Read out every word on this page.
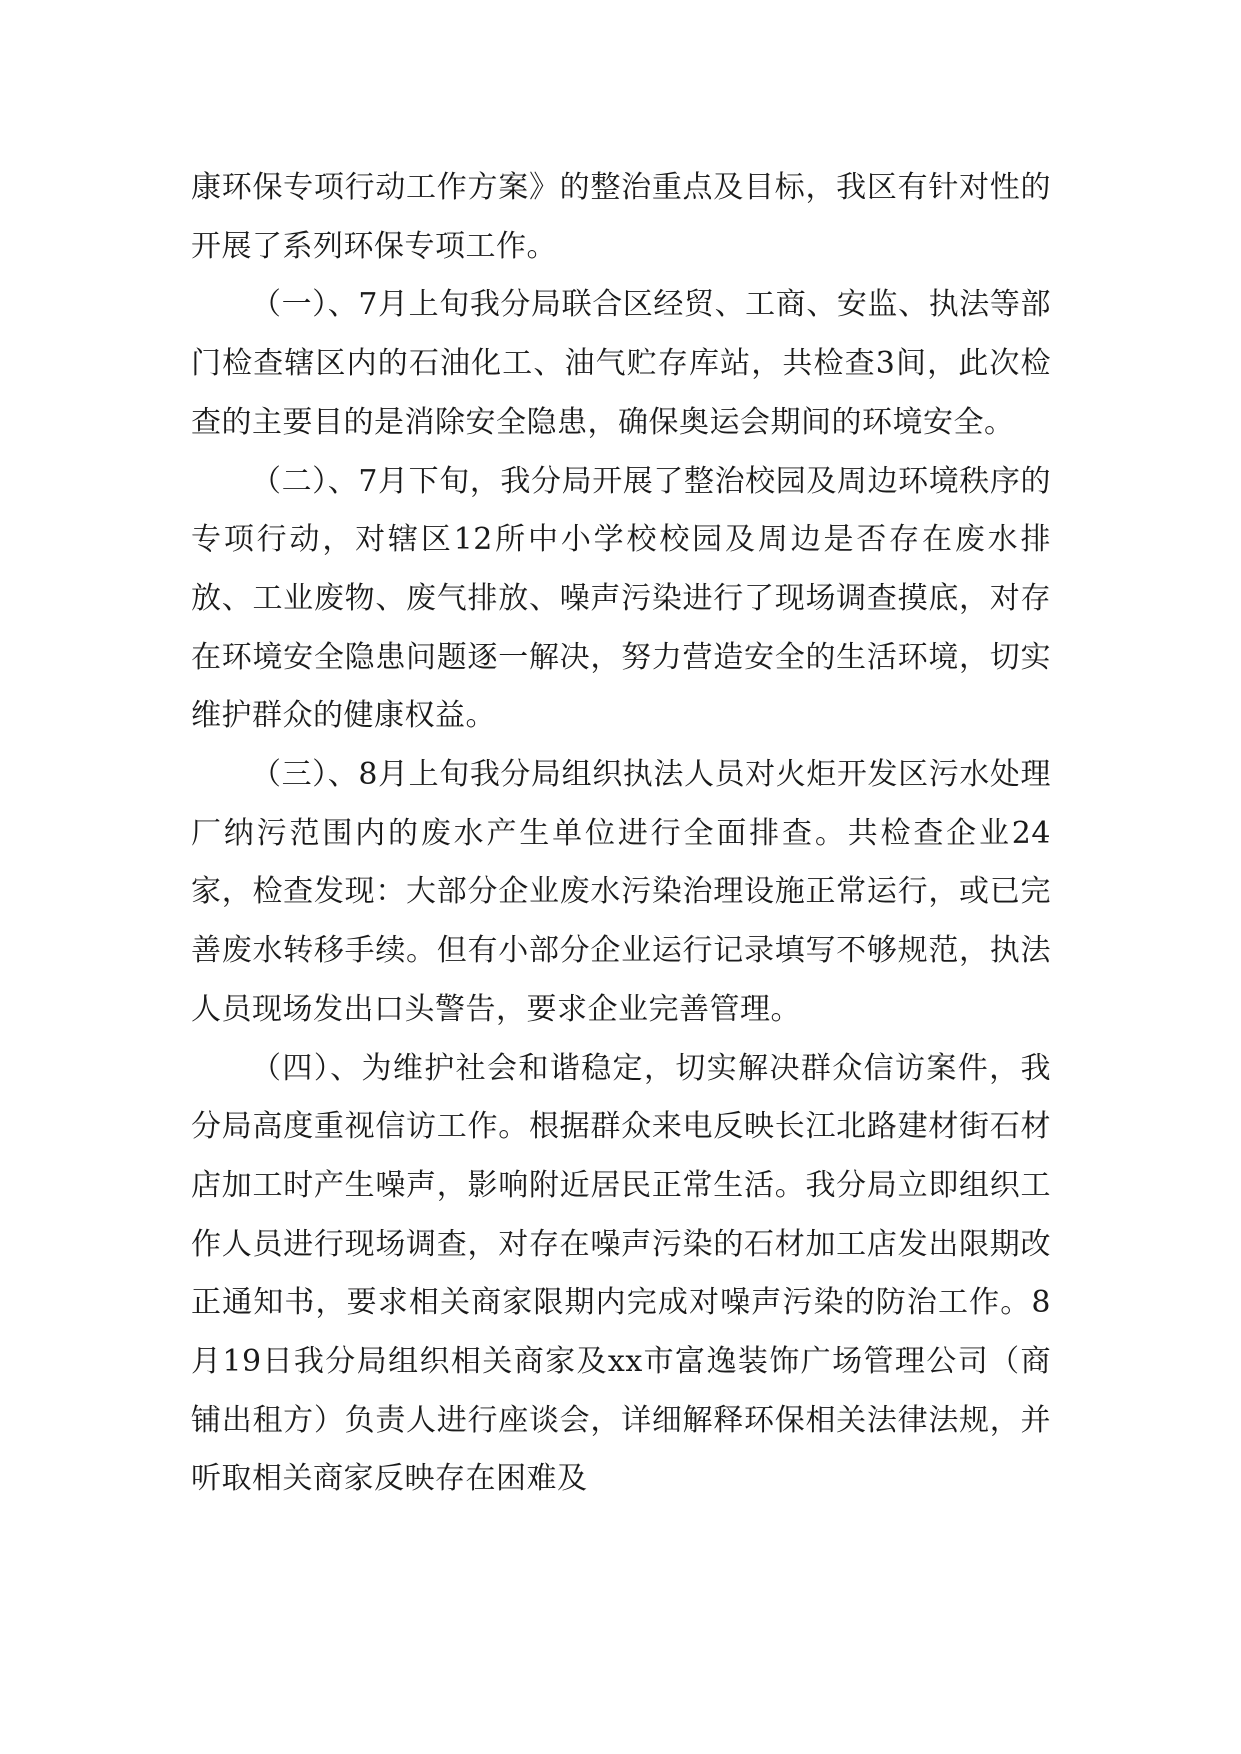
康环保专项行动工作方案》的整治重点及目标，我区有针对性的开展了系列环保专项工作。

（一）、7月上旬我分局联合区经贸、工商、安监、执法等部门检查辖区内的石油化工、油气贮存库站，共检查3间，此次检查的主要目的是消除安全隐患，确保奥运会期间的环境安全。

（二）、7月下旬，我分局开展了整治校园及周边环境秩序的专项行动，对辖区12所中小学校校园及周边是否存在废水排放、工业废物、废气排放、噪声污染进行了现场调查摸底，对存在环境安全隐患问题逐一解决，努力营造安全的生活环境，切实维护群众的健康权益。

（三）、8月上旬我分局组织执法人员对火炬开发区污水处理厂纳污范围内的废水产生单位进行全面排查。共检查企业24家，检查发现：大部分企业废水污染治理设施正常运行，或已完善废水转移手续。但有小部分企业运行记录填写不够规范，执法人员现场发出口头警告，要求企业完善管理。

（四）、为维护社会和谐稳定，切实解决群众信访案件，我分局高度重视信访工作。根据群众来电反映长江北路建材街石材店加工时产生噪声，影响附近居民正常生活。我分局立即组织工作人员进行现场调查，对存在噪声污染的石材加工店发出限期改正通知书，要求相关商家限期内完成对噪声污染的防治工作。8月19日我分局组织相关商家及xx市富逸装饰广场管理公司（商铺出租方）负责人进行座谈会，详细解释环保相关法律法规，并听取相关商家反映存在困难及
